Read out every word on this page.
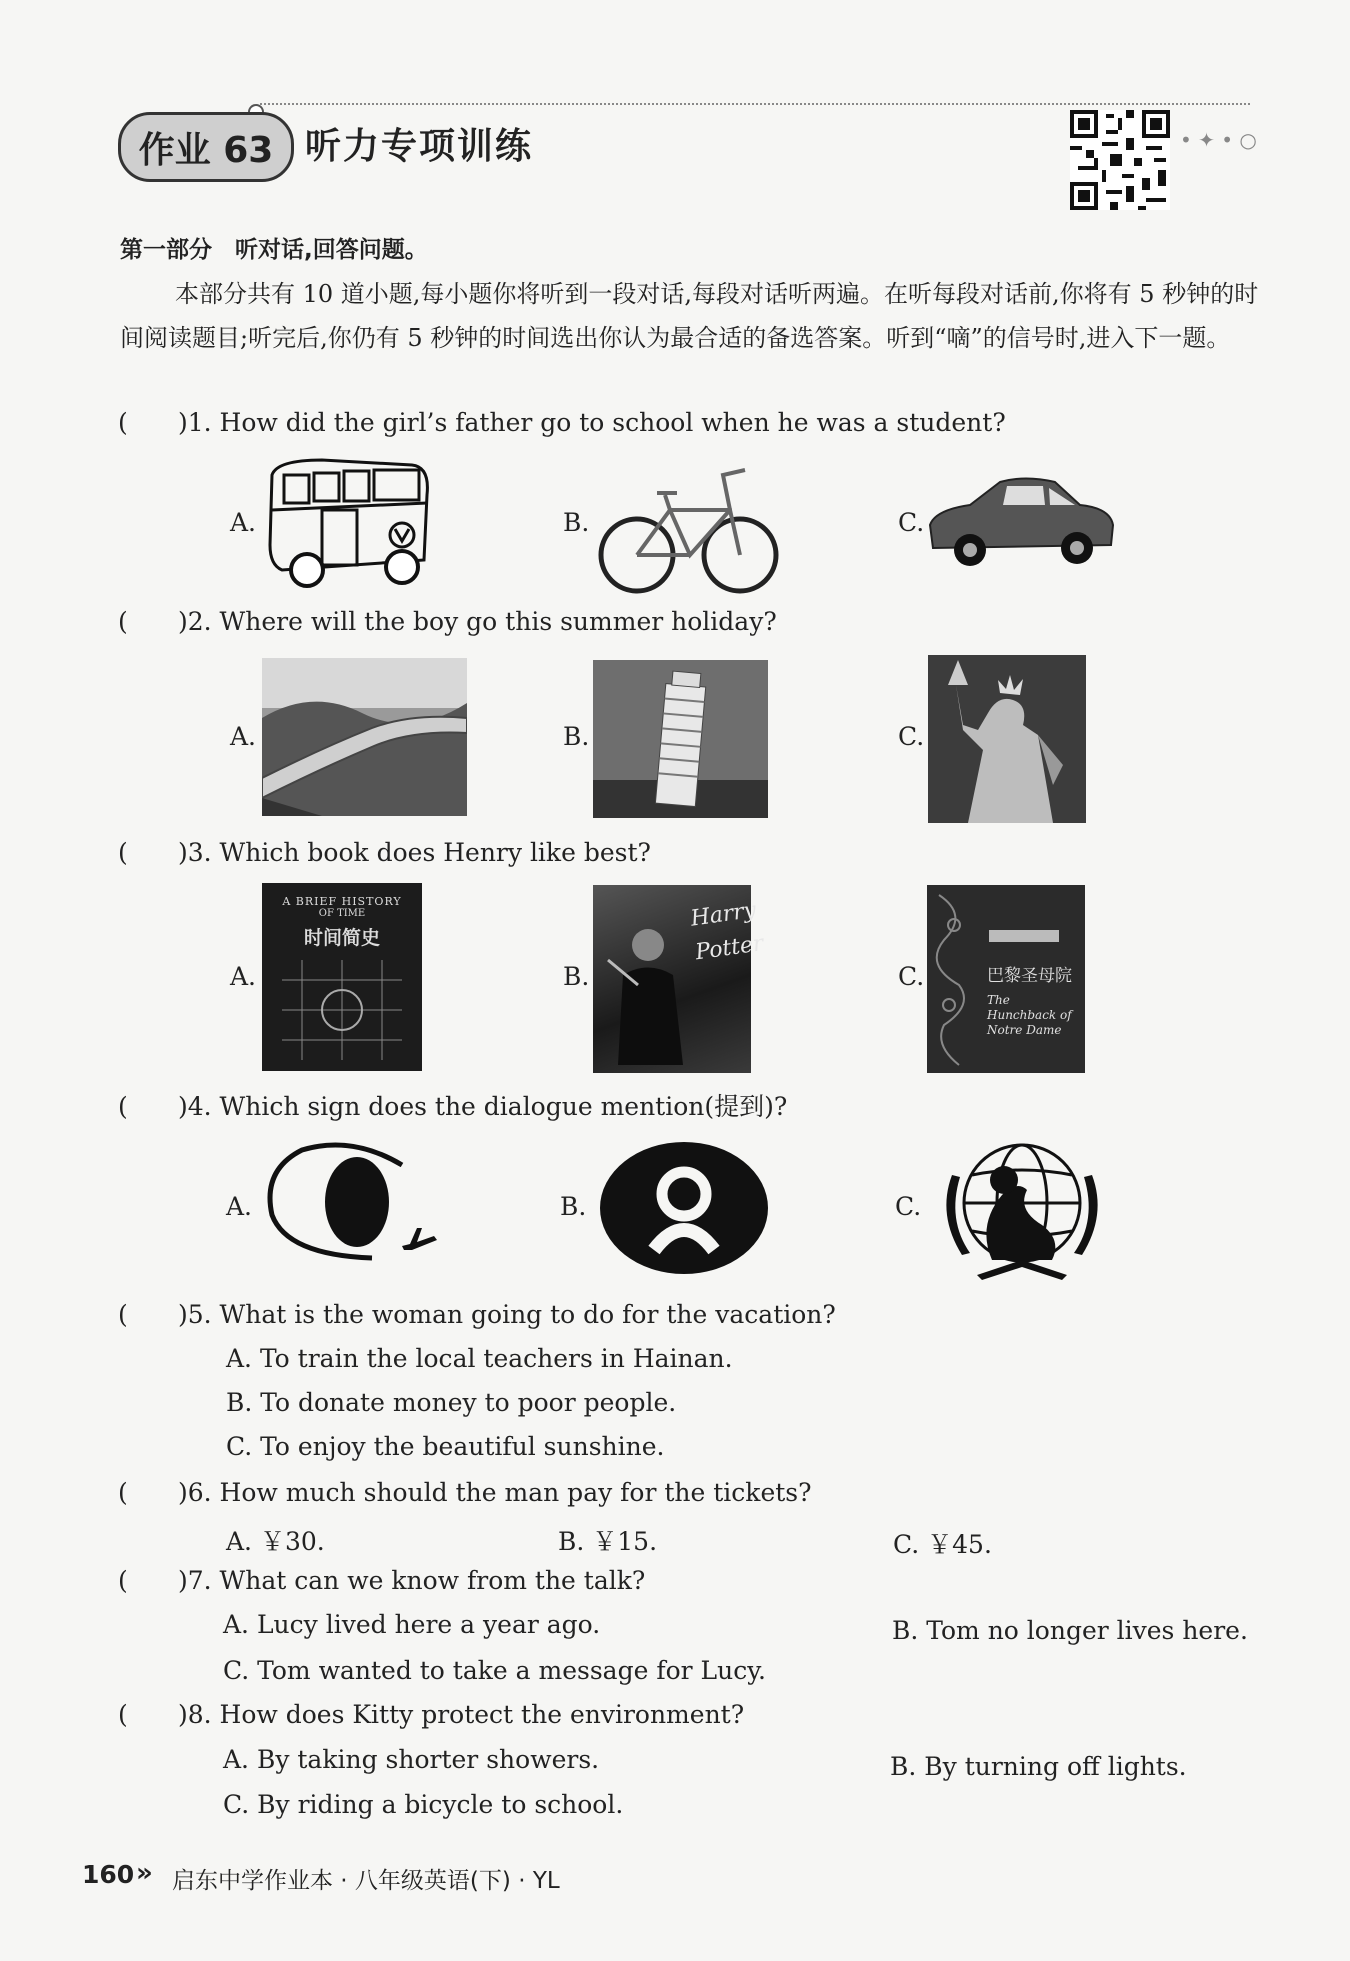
作业 63 听力专项训练	• ✦ • ○
第一部分　听对话,回答问题。
本部分共有 10 道小题,每小题你将听到一段对话,每段对话听两遍。在听每段对话前,你将有 5 秒钟的时间阅读题目;听完后,你仍有 5 秒钟的时间选出你认为最合适的备选答案。听到“嘀”的信号时,进入下一题。
( )1. How did the girl’s father go to school when he was a student?
A.	B.	C.
( )2. Where will the boy go this summer holiday?
A.	B.	C.
( )3. Which book does Henry like best?
A.
A BRIEF HISTORY
OF TIME
时间简史
B.
Harry Potter
C.	巴黎圣母院
The Hunchback of Notre Dame
( )4. Which sign does the dialogue mention(提到)?
A.	B.	C.
( )5. What is the woman going to do for the vacation?
A. To train the local teachers in Hainan.
B. To donate money to poor people.
C. To enjoy the beautiful sunshine.
( )6. How much should the man pay for the tickets?
A. ￥30.	B. ￥15.	C. ￥45.
( )7. What can we know from the talk?
A. Lucy lived here a year ago.	B. Tom no longer lives here.
C. Tom wanted to take a message for Lucy.
( )8. How does Kitty protect the environment?
A. By taking shorter showers.	B. By turning off lights.
C. By riding a bicycle to school.
160 » 启东中学作业本 · 八年级英语(下) · YL
